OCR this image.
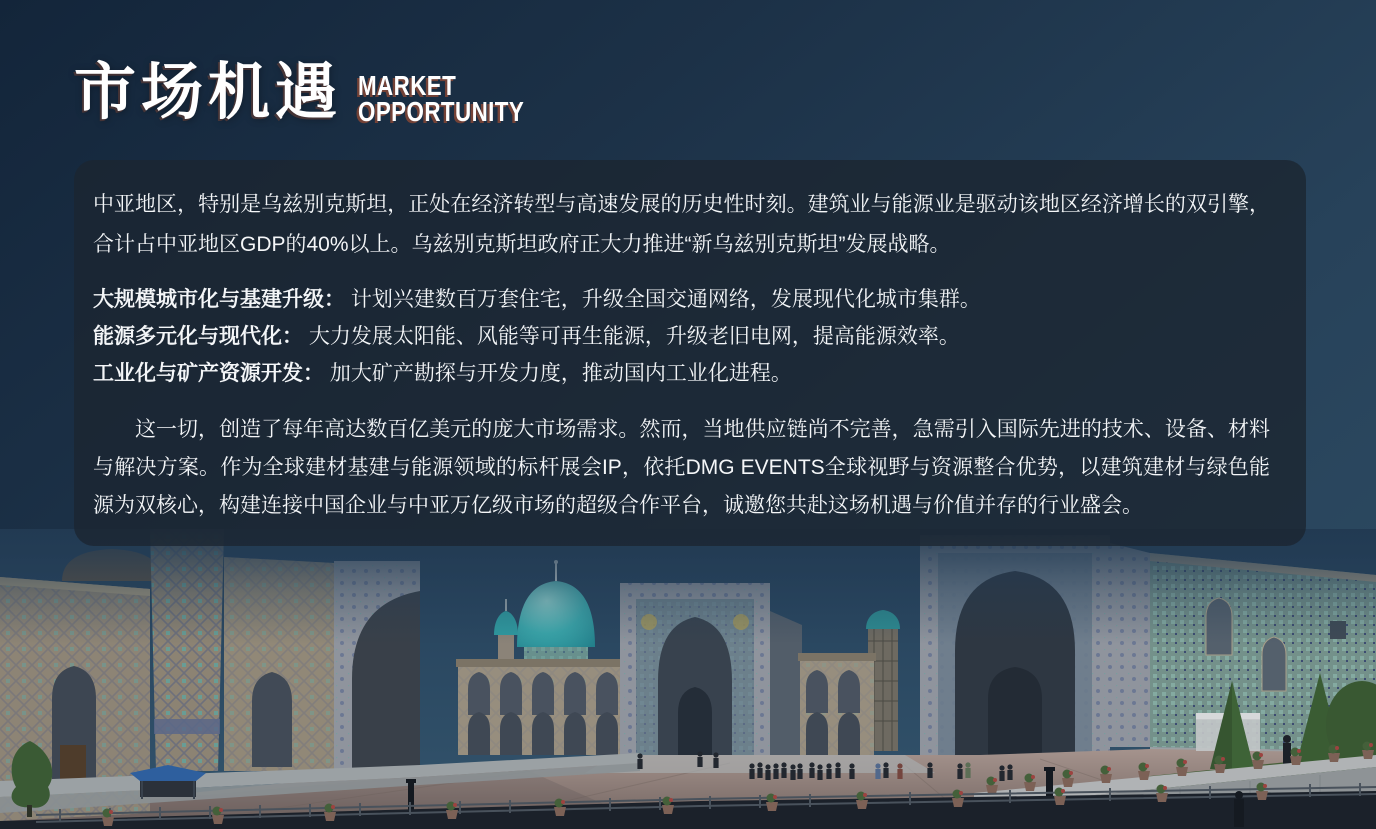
市场机遇 MARKET
OPPORTUNITY

中亚地区，特别是乌兹别克斯坦，正处在经济转型与高速发展的历史性时刻。建筑业与能源业是驱动该地区经济增长的双引擎，合计占中亚地区GDP的40%以上。乌兹别克斯坦政府正大力推进“新乌兹别克斯坦”发展战略。

大规模城市化与基建升级： 计划兴建数百万套住宅，升级全国交通网络，发展现代化城市集群。
能源多元化与现代化： 大力发展太阳能、风能等可再生能源，升级老旧电网，提高能源效率。
工业化与矿产资源开发： 加大矿产勘探与开发力度，推动国内工业化进程。

这一切，创造了每年高达数百亿美元的庞大市场需求。然而，当地供应链尚不完善，急需引入国际先进的技术、设备、材料与解决方案。作为全球建材基建与能源领域的标杆展会IP，依托DMG EVENTS全球视野与资源整合优势，以建筑建材与绿色能源为双核心，构建连接中国企业与中亚万亿级市场的超级合作平台，诚邀您共赴这场机遇与价值并存的行业盛会。
